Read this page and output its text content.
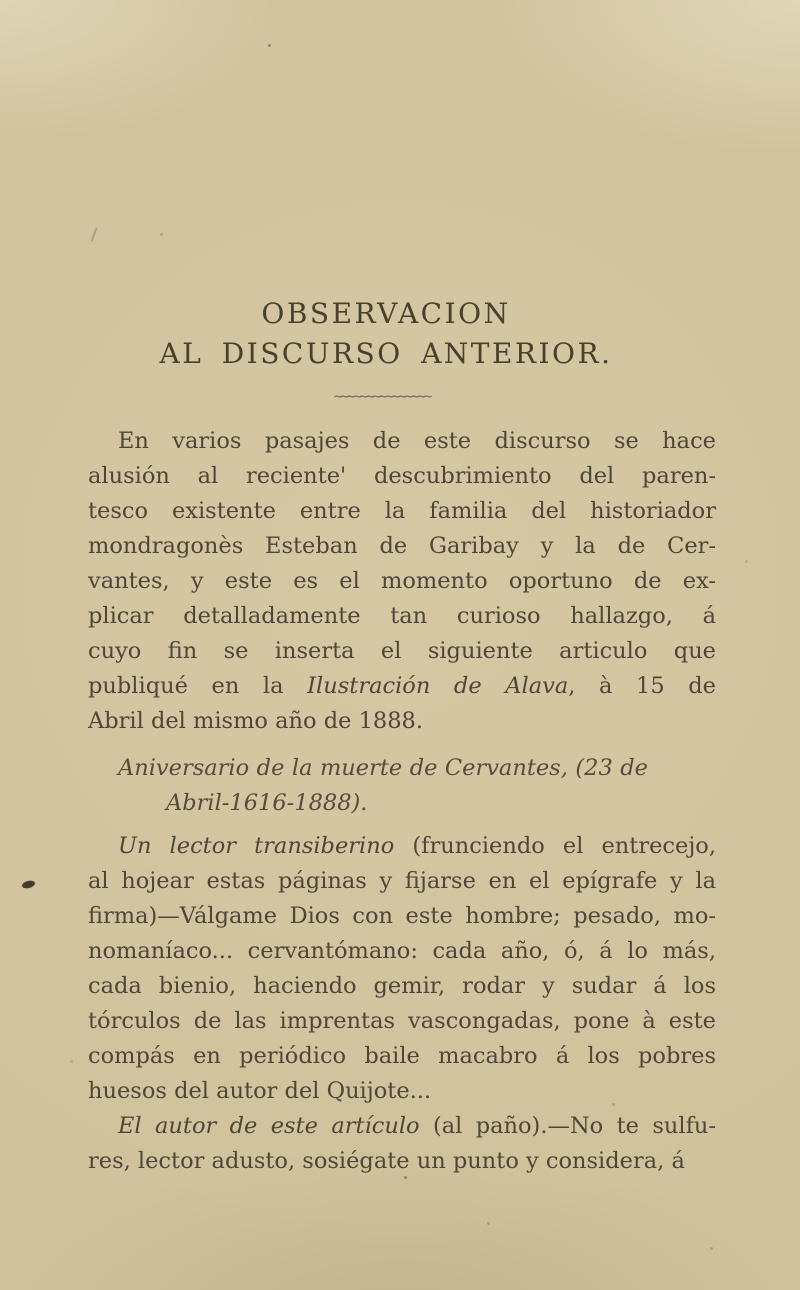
OBSERVACION
AL DISCURSO ANTERIOR.
~~~~~~~~~~~~~~~
En varios pasajes de este discurso se hace
alusión al reciente' descubrimiento del paren-
tesco existente entre la familia del historiador
mondragonès Esteban de Garibay y la de Cer-
vantes, y este es el momento oportuno de ex-
plicar detalladamente tan curioso hallazgo, á
cuyo fin se inserta el siguiente articulo que
publiqué en la Ilustración de Alava, à 15 de
Abril del mismo año de 1888.
Aniversario de la muerte de Cervantes, (23 de
Abril-1616-1888).
Un lector transiberino (frunciendo el entrecejo,
al hojear estas páginas y fijarse en el epígrafe y la
firma)—Válgame Dios con este hombre; pesado, mo-
nomaníaco... cervantómano: cada año, ó, á lo más,
cada bienio, haciendo gemir, rodar y sudar á los
tórculos de las imprentas vascongadas, pone à este
compás en periódico baile macabro á los pobres
huesos del autor del Quijote...
El autor de este artículo (al paño).—No te sulfu-
res, lector adusto, sosiégate un punto y considera, á
